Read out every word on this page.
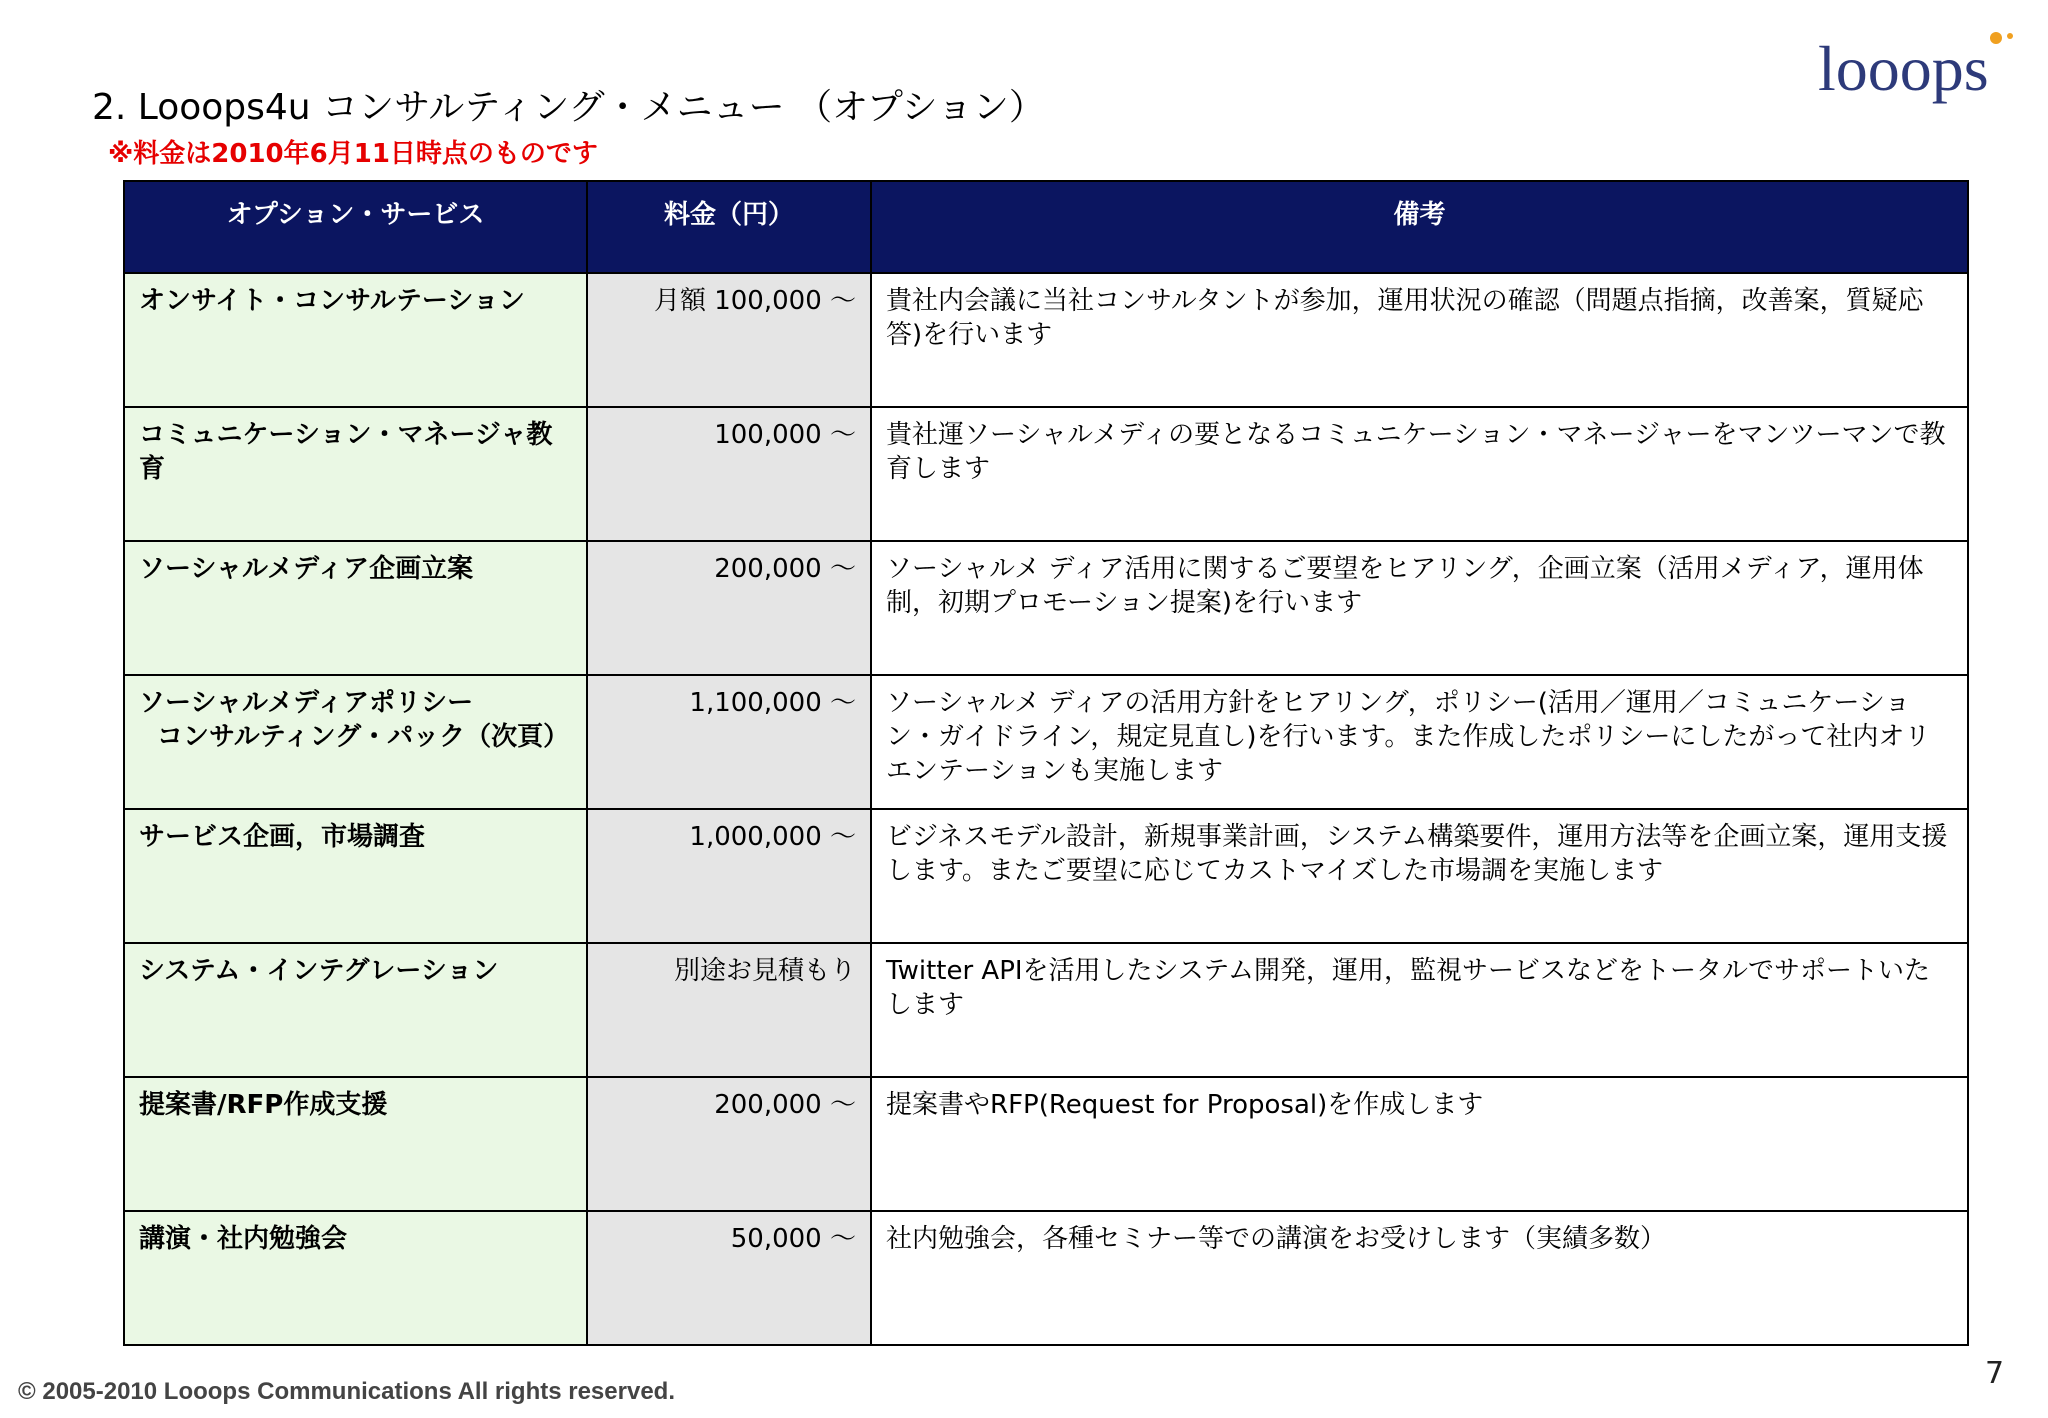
looops
2. Looops4u コンサルティング・メニュー （オプション）
※料金は2010年6月11日時点のものです
オプション・サービス	料金（円）	備考
オンサイト・コンサルテーション	月額 100,000 〜	貴社内会議に当社コンサルタントが参加，運用状況の確認（問題点指摘，改善案，質疑応答)を行います
コミュニケーション・マネージャ教育	100,000 〜	貴社運ソーシャルメディの要となるコミュニケーション・マネージャーをマンツーマンで教育します
ソーシャルメディア企画立案	200,000 〜	ソーシャルメ ディア活用に関するご要望をヒアリング，企画立案（活用メディア，運用体制，初期プロモーション提案)を行います
ソーシャルメディアポリシー
コンサルティング・パック（次頁）	1,100,000 〜	ソーシャルメ ディアの活用方針をヒアリング，ポリシー(活用／運用／コミュニケーション・ガイドライン，規定見直し)を行います。また作成したポリシーにしたがって社内オリエンテーションも実施します
サービス企画，市場調査	1,000,000 〜	ビジネスモデル設計，新規事業計画，システム構築要件，運用方法等を企画立案，運用支援します。またご要望に応じてカストマイズした市場調を実施します
システム・インテグレーション	別途お見積もり	Twitter APIを活用したシステム開発，運用，監視サービスなどをトータルでサポートいたします
提案書/RFP作成支援	200,000 〜	提案書やRFP(Request for Proposal)を作成します
講演・社内勉強会	50,000 〜	社内勉強会，各種セミナー等での講演をお受けします（実績多数）
© 2005-2010 Looops Communications All rights reserved.
7
